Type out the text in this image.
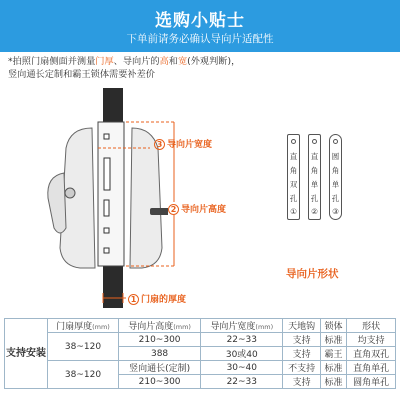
选购小贴士
下单前请务必确认导向片适配性
*拍照门扇侧面并测量门厚、导向片的高和宽(外观判断)，
竖向通长定制和霸王锁体需要补差价
3 导向片宽度
2 导向片高度
1 门扇的厚度
直
角
双
孔
①
直
角
单
孔
②
圆
角
单
孔
③
导向片形状
支持安装	门扇厚度(mm)	导向片高度(mm)	导向片宽度(mm)	天地钩	锁体	形状
	38~120	210~300	22~33	支持	标准	均支持
		388	30或40	支持	霸王	直角双孔
	38~120	竖向通长(定制)	30~40	不支持	标准	直角单孔
		210~300	22~33	支持	标准	圆角单孔
